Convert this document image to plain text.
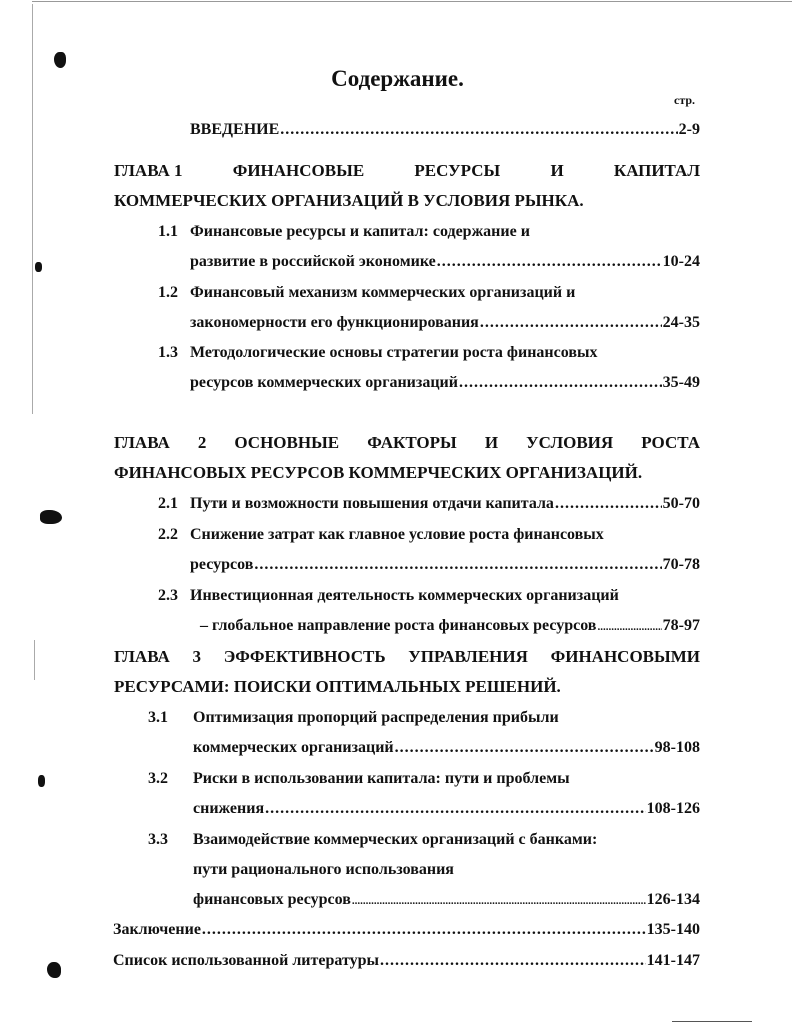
Содержание.
стр.
ВВЕДЕНИЕ .....	2-9
ГЛАВА 1	ФИНАНСОВЫЕ	РЕСУРСЫ	И	КАПИТАЛ
КОММЕРЧЕСКИХ ОРГАНИЗАЦИЙ В УСЛОВИЯ РЫНКА.
1.1 Финансовые ресурсы и капитал: содержание и
развитие в российской экономике .....	10-24
1.2 Финансовый механизм коммерческих организаций и
закономерности его функционирования .....	24-35
1.3 Методологические основы стратегии роста финансовых
ресурсов коммерческих организаций .....	35-49
ГЛАВА 2 ОСНОВНЫЕ ФАКТОРЫ И УСЛОВИЯ РОСТА
ФИНАНСОВЫХ РЕСУРСОВ КОММЕРЧЕСКИХ ОРГАНИЗАЦИЙ.
2.1 Пути и возможности повышения отдачи капитала .....	50-70
2.2 Снижение затрат как главное условие роста финансовых
ресурсов .....	70-78
2.3 Инвестиционная деятельность коммерческих организаций
– глобальное направление роста финансовых ресурсов .....	78-97
ГЛАВА 3 ЭФФЕКТИВНОСТЬ УПРАВЛЕНИЯ ФИНАНСОВЫМИ
РЕСУРСАМИ: ПОИСКИ ОПТИМАЛЬНЫХ РЕШЕНИЙ.
3.1 Оптимизация пропорций распределения прибыли
коммерческих организаций .....	98-108
3.2 Риски в использовании капитала: пути и проблемы
снижения .....	108-126
3.3 Взаимодействие коммерческих организаций с банками:
пути рационального использования
финансовых ресурсов .....	126-134
Заключение .....	135-140
Список использованной литературы .....	141-147
